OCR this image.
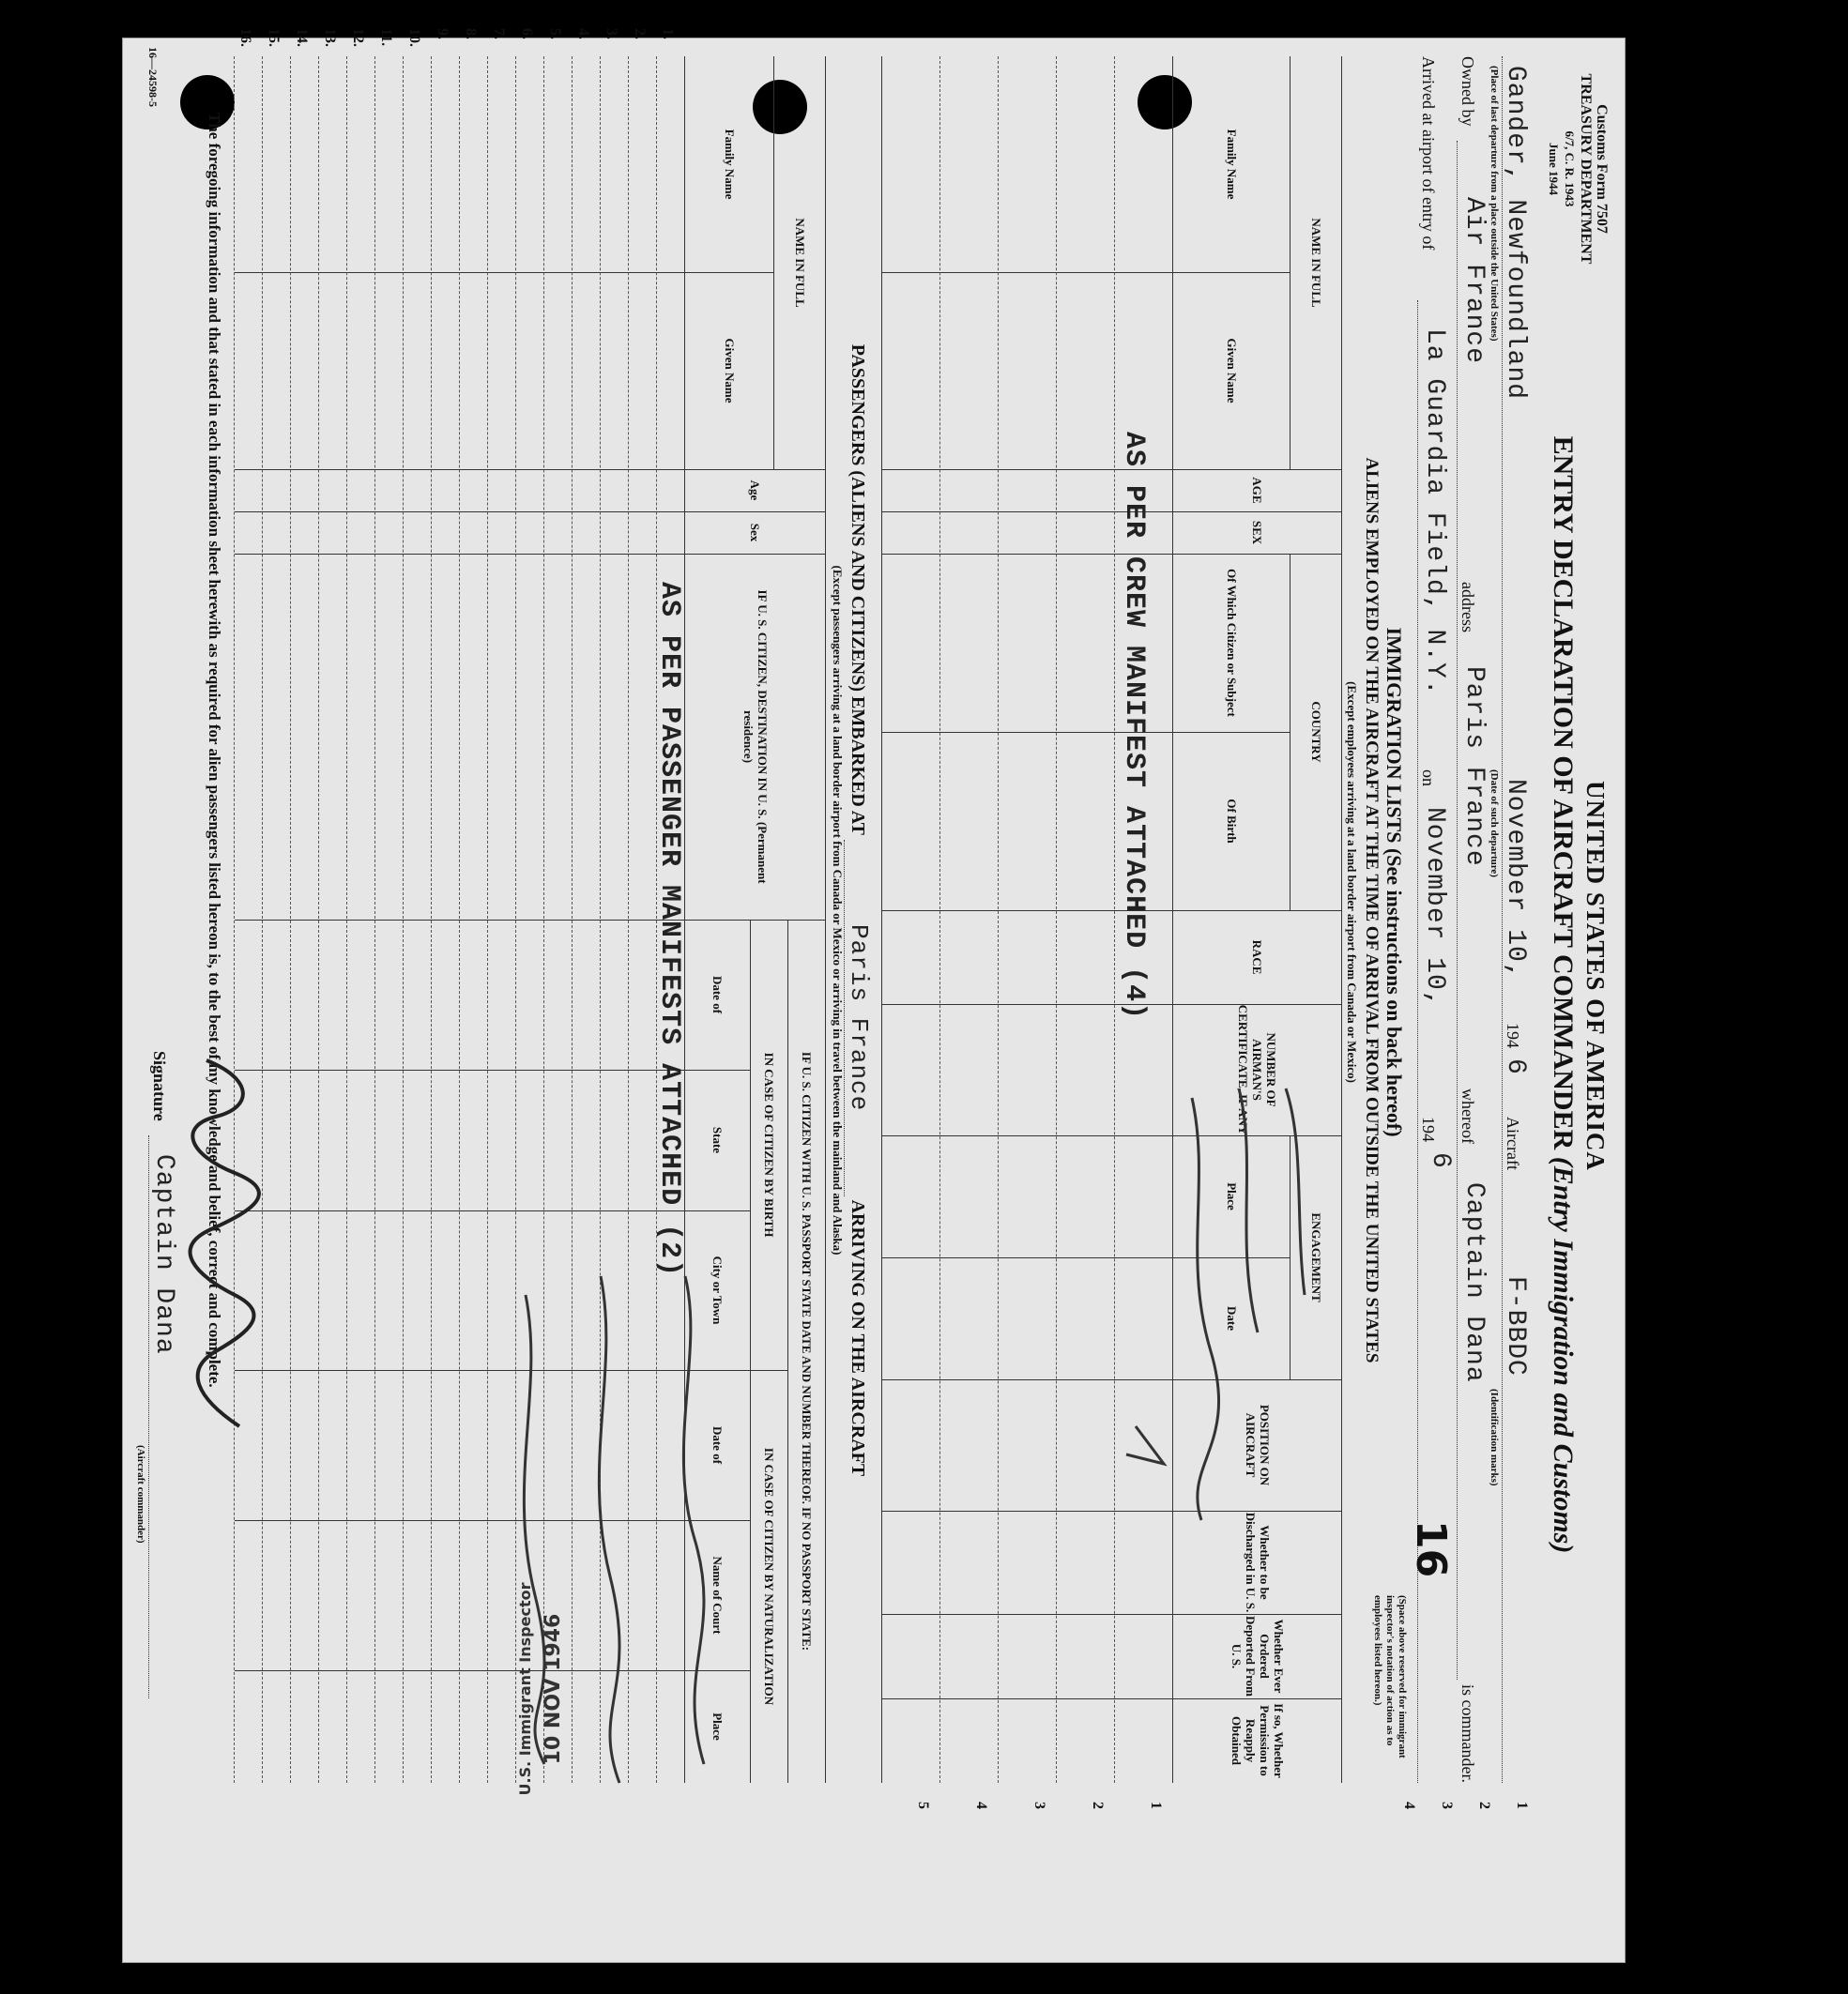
Customs Form 7507
TREASURY DEPARTMENT
6/7, C. R. 1943
June 1944
UNITED STATES OF AMERICA
ENTRY DECLARATION OF AIRCRAFT COMMANDER (Entry Immigration and Customs)
1
2
3
4
Gander, Newfoundland
November 10,
194
6
Aircraft
F-BBDC
(Place of last departure from a place outside the United States)
(Date of such departure)
(Identification marks)
Owned by
Air France
address
Paris France
whereof
Captain Dana
is commander.
Arrived at airport of entry of
La Guardia Field, N.Y.
on
November 10,
194
6
IMMIGRATION LISTS (See instructions on back hereof)
ALIENS EMPLOYED ON THE AIRCRAFT AT THE TIME OF ARRIVAL FROM OUTSIDE THE UNITED STATES
(Except employees arriving at a land border airport from Canada or Mexico)
(Space above reserved for immigrant inspector's notation of action as to employees listed hereon.)
16
NAME IN FULL
Family Name
Given Name
AGE
SEX
COUNTRY
Of Which Citizen or Subject
Of Birth
RACE
NUMBER OF AIRMAN'S CERTIFICATE, IF ANY
ENGAGEMENT
Place
Date
POSITION ON AIRCRAFT
Whether to be Discharged in U. S.
Whether Ever Ordered Deported From U. S.
If so, Whether Permission to Reapply Obtained
AS PER CREW MANIFEST ATTACHED (4)
1
2
3
4
5
PASSENGERS (ALIENS AND CITIZENS) EMBARKED AT Paris France ARRIVING ON THE AIRCRAFT
(Except passengers arriving at a land border airport from Canada or Mexico or arriving in travel between the mainland and Alaska)
NAME IN FULL
Family Name
Given Name
Age
Sex
IF U. S. CITIZEN, DESTINATION IN U. S. (Permanent residence)
IF U. S. CITIZEN WITH U. S. PASSPORT STATE DATE AND NUMBER THEREOF. IF NO PASSPORT STATE:
IN CASE OF CITIZEN BY BIRTH
IN CASE OF CITIZEN BY NATURALIZATION
Date of
State
City or Town
Date of
Name of Court
Place
AS PER PASSENGER MANIFESTS ATTACHED (2)
1.
2.
3.
4.
5.
6.
7.
8.
9.
10.
11.
12.
13.
14.
15.
16.
The foregoing information and that stated in each information sheet herewith as required for alien passengers listed hereon is, to the best of my knowledge and belief, correct and complete.
Signature
Captain Dana
(Aircraft commander)
16—24598-5
U.S. Immigrant Inspector 10 NOV 1946
